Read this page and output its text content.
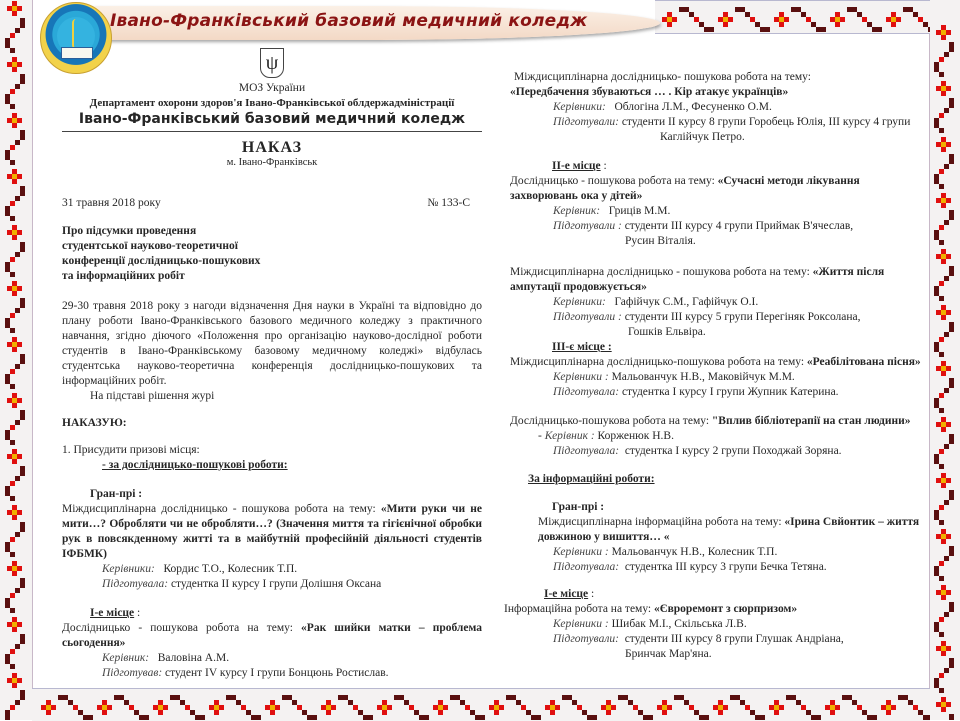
Івано-Франківський базовий медичний коледж
ψ
МОЗ України
Департамент охорони здоров'я Івано-Франківської облдержадміністрації
Івано-Франківський базовий медичний коледж
НАКАЗ
м. Івано-Франківськ
31 травня 2018 року	№ 133-С
Про підсумки проведення
студентської науково-теоретичної
конференції дослідницько-пошукових
та інформаційних робіт
29-30 травня 2018 року з нагоди відзначення Дня науки в Україні та відповідно до плану роботи Івано-Франківського базового медичного коледжу з практичного навчання, згідно діючого «Положення про організацію науково-дослідної роботи студентів в Івано-Франківському базовому медичному коледжі» відбулась студентська науково-теоретична конференція дослідницько-пошукових та інформаційних робіт.
На підставі рішення журі
НАКАЗУЮ:
1. Присудити призові місця:
- за дослідницько-пошукові роботи:
Гран-прі :
Міждисциплінарна дослідницько - пошукова робота на тему: «Мити руки чи не мити…? Обробляти чи не обробляти…? (Значення миття та гігієнічної обробки рук в повсякденному житті та в майбутній професійній діяльності студентів ІФБМК)
Керівники: Кордис Т.О., Колесник Т.П.
Підготувала: студентка ІІ курсу І групи Долішня Оксана
І-е місце :
Дослідницько - пошукова робота на тему: «Рак шийки матки – проблема сьогодення»
Керівник: Валовіна А.М.
Підготував: студент ІV курсу І групи Бонцюнь Ростислав.
Міждисциплінарна дослідницько- пошукова робота на тему:
«Передбачення збуваються … . Кір атакує українців»
Керівники: Облогіна Л.М., Фесуненко О.М.
Підготували: студенти ІІ курсу 8 групи Горобець Юлія, ІІІ курсу 4 групи
Каглійчук Петро.
ІІ-е місце :
Дослідницько - пошукова робота на тему: «Сучасні методи лікування захворювань ока у дітей»
Керівник: Гриців М.М.
Підготували : студенти ІІІ курсу 4 групи Приймак В'ячеслав,
Русин Віталія.
Міждисциплінарна дослідницько - пошукова робота на тему: «Життя після ампутації продовжується»
Керівники: Гафійчук С.М., Гафійчук О.І.
Підготували : студенти ІІІ курсу 5 групи Перегіняк Роксолана,
Гошків Ельвіра.
ІІІ-є місце :
Міждисциплінарна дослідницько-пошукова робота на тему: «Реабілітована пісня»
Керівники : Мальованчук Н.В., Маковійчук М.М.
Підготувала: студентка І курсу І групи Жупник Катерина.
Дослідницько-пошукова робота на тему: "Вплив бібліотерапії на стан людини»
- Керівник : Корженюк Н.В.
Підготувала: студентка І курсу 2 групи Походжай Зоряна.
За інформаційні роботи:
Гран-прі :
Міждисциплінарна інформаційна робота на тему: «Ірина Свйонтик – життя довжиною у вишиття… «
Керівники : Мальованчук Н.В., Колесник Т.П.
Підготувала: студентка ІІІ курсу 3 групи Бечка Тетяна.
І-е місце :
Інформаційна робота на тему: «Євроремонт з сюрпризом»
Керівники : Шибак М.І., Скільська Л.В.
Підготували: студенти ІІІ курсу 8 групи Глушак Андріана,
Бринчак Мар'яна.
